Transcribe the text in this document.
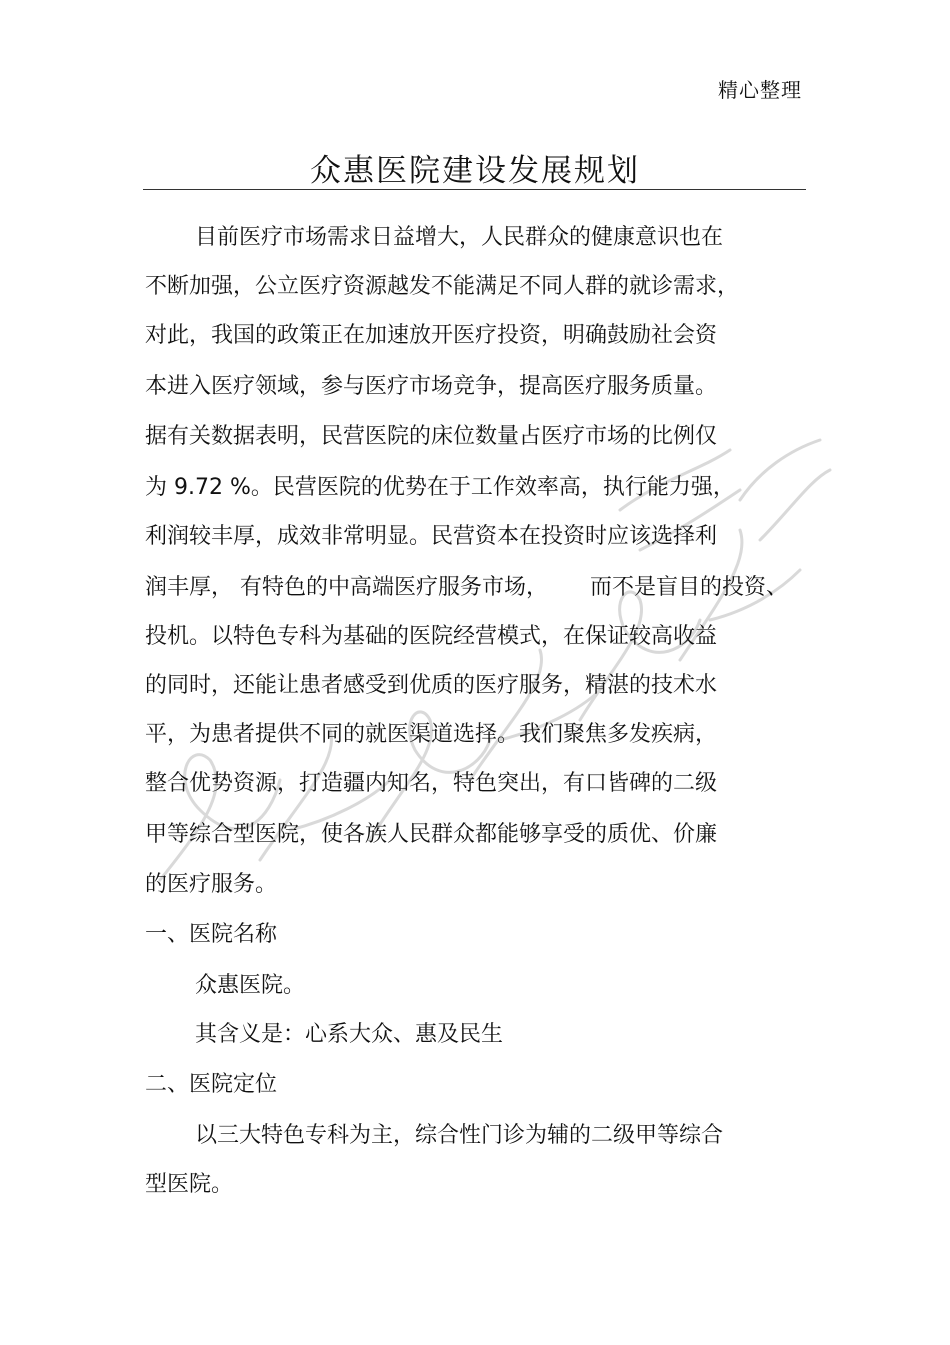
精心整理
众惠医院建设发展规划
目前医疗市场需求日益增大，人民群众的健康意识也在
不断加强，公立医疗资源越发不能满足不同人群的就诊需求，
对此，我国的政策正在加速放开医疗投资，明确鼓励社会资
本进入医疗领域，参与医疗市场竞争，提高医疗服务质量。
据有关数据表明，民营医院的床位数量占医疗市场的比例仅
为 9.72 %。民营医院的优势在于工作效率高，执行能力强，
利润较丰厚，成效非常明显。民营资本在投资时应该选择利
润丰厚， 有特色的中高端医疗服务市场，      而不是盲目的投资、
投机。以特色专科为基础的医院经营模式，在保证较高收益
的同时，还能让患者感受到优质的医疗服务，精湛的技术水
平，为患者提供不同的就医渠道选择。我们聚焦多发疾病，
整合优势资源，打造疆内知名，特色突出，有口皆碑的二级
甲等综合型医院，使各族人民群众都能够享受的质优、价廉
的医疗服务。
一、医院名称
众惠医院。
其含义是：心系大众、惠及民生
二、医院定位
以三大特色专科为主，综合性门诊为辅的二级甲等综合
型医院。
